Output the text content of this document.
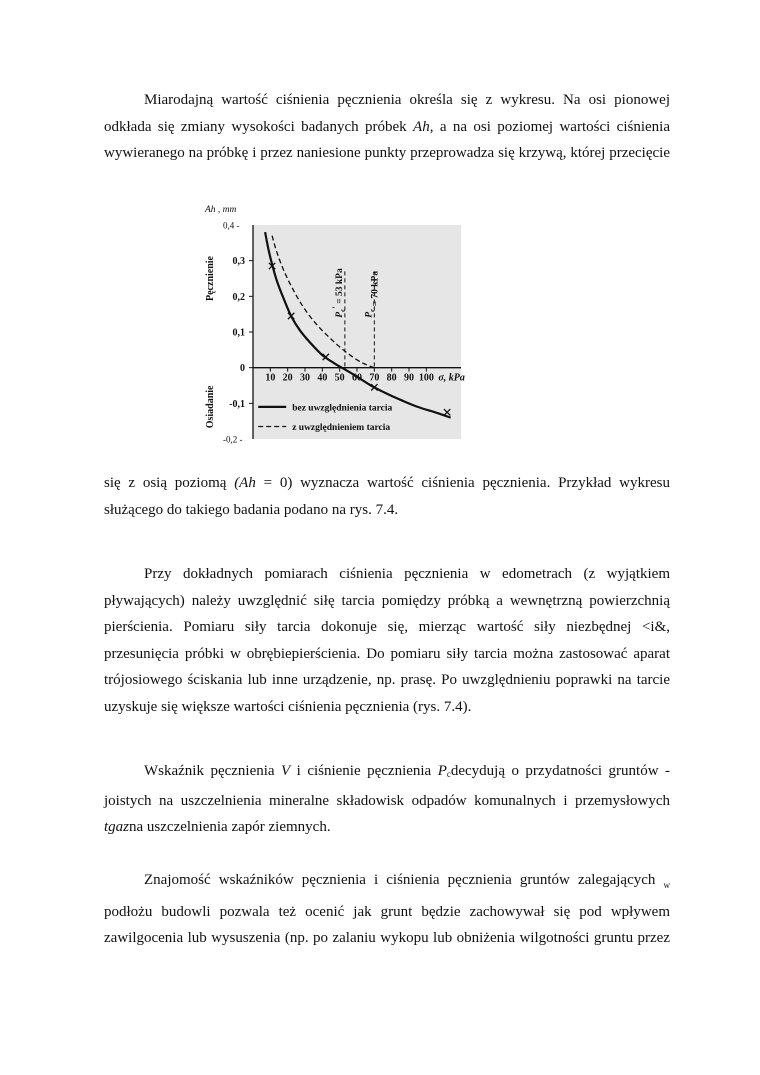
Miarodajną wartość ciśnienia pęcznienia określa się z wykresu. Na osi pionowej
odkłada się zmiany wysokości badanych próbek Ah, a na osi poziomej wartości ciśnienia
wywieranego na próbkę i przez naniesione punkty przeprowadza się krzywą, której przecięcie
-0,2 -
-0,1
0
0,1
0,2
0,3
0,4 -
10 20 30 40 50 60 70 80 90 100 σ, kPa
Ah , mm
Pęcznienie
Osiadanie
$P_c' = 53$ kPa
$P_c = 70$ kPa
bez uwzględnienia tarcia
z uwzględnieniem tarcia
się z osią poziomą (Ah = 0) wyznacza wartość ciśnienia pęcznienia. Przykład wykresu
służącego do takiego badania podano na rys. 7.4.
Przy dokładnych pomiarach ciśnienia pęcznienia w edometrach (z wyjątkiem
pływających) należy uwzględnić siłę tarcia pomiędzy próbką a wewnętrzną powierzchnią
pierścienia. Pomiaru siły tarcia dokonuje się, mierząc wartość siły niezbędnej <i&,
przesunięcia próbki w obrębiepierścienia. Do pomiaru siły tarcia można zastosować aparat
trójosiowego ściskania lub inne urządzenie, np. prasę. Po uwzględnieniu poprawki na tarcie
uzyskuje się większe wartości ciśnienia pęcznienia (rys. 7.4).
Wskaźnik pęcznienia V i ciśnienie pęcznienia $P_cdecydują$ o przydatności gruntów -
joistych na uszczelnienia mineralne składowisk odpadów komunalnych i przemysłowych
tgazna uszczelnienia zapór ziemnych.
Znajomość wskaźników pęcznienia i ciśnienia pęcznienia gruntów zalegających $_w$
podłożu budowli pozwala też ocenić jak grunt będzie zachowywał się pod wpływem
zawilgocenia lub wysuszenia (np. po zalaniu wykopu lub obniżenia wilgotności gruntu przez
